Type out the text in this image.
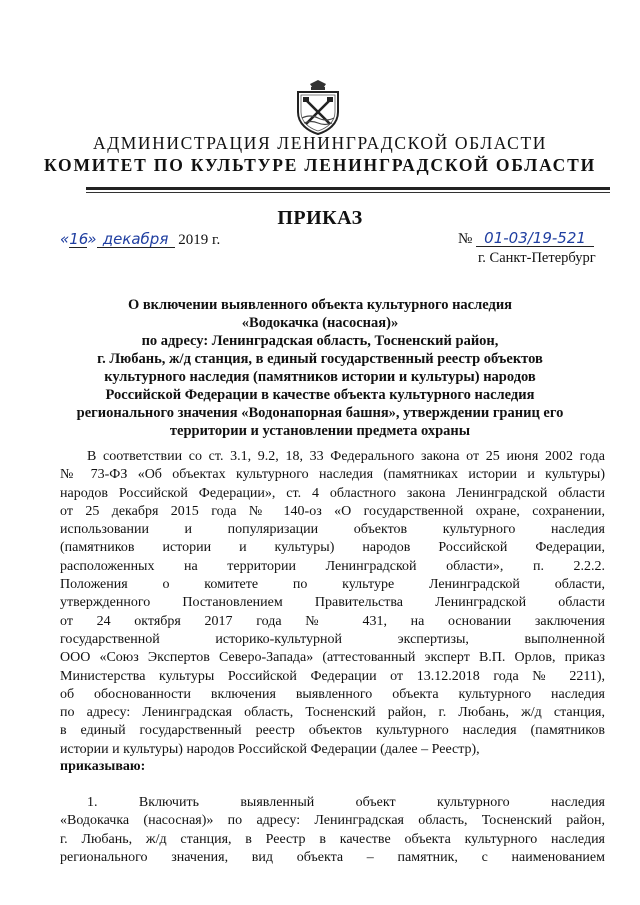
АДМИНИСТРАЦИЯ ЛЕНИНГРАДСКОЙ ОБЛАСТИ
КОМИТЕТ ПО КУЛЬТУРЕ ЛЕНИНГРАДСКОЙ ОБЛАСТИ
ПРИКАЗ
«16» декабря 2019 г.	№ 01-03/19-521
г. Санкт-Петербург
О включении выявленного объекта культурного наследия
«Водокачка (насосная)»
по адресу: Ленинградская область, Тосненский район,
г. Любань, ж/д станция, в единый государственный реестр объектов
культурного наследия (памятников истории и культуры) народов
Российской Федерации в качестве объекта культурного наследия
регионального значения «Водонапорная башня», утверждении границ его
территории и установлении предмета охраны
В соответствии со ст. 3.1, 9.2, 18, 33 Федерального закона от 25 июня 2002 года
№ 73-ФЗ «Об объектах культурного наследия (памятниках истории и культуры)
народов Российской Федерации», ст. 4 областного закона Ленинградской области
от 25 декабря 2015 года № 140-оз «О государственной охране, сохранении,
использовании и популяризации объектов культурного наследия
(памятников истории и культуры) народов Российской Федерации,
расположенных на территории Ленинградской области», п. 2.2.2.
Положения о комитете по культуре Ленинградской области,
утвержденного Постановлением Правительства Ленинградской области
от 24 октября 2017 года № 431, на основании заключения
государственной историко-культурной экспертизы, выполненной
ООО «Союз Экспертов Северо-Запада» (аттестованный эксперт В.П. Орлов, приказ
Министерства культуры Российской Федерации от 13.12.2018 года № 2211),
об обоснованности включения выявленного объекта культурного наследия
по адресу: Ленинградская область, Тосненский район, г. Любань, ж/д станция,
в единый государственный реестр объектов культурного наследия (памятников
истории и культуры) народов Российской Федерации (далее – Реестр),
приказываю:
1. Включить выявленный объект культурного наследия
«Водокачка (насосная)» по адресу: Ленинградская область, Тосненский район,
г. Любань, ж/д станция, в Реестр в качестве объекта культурного наследия
регионального значения, вид объекта – памятник, с наименованием
